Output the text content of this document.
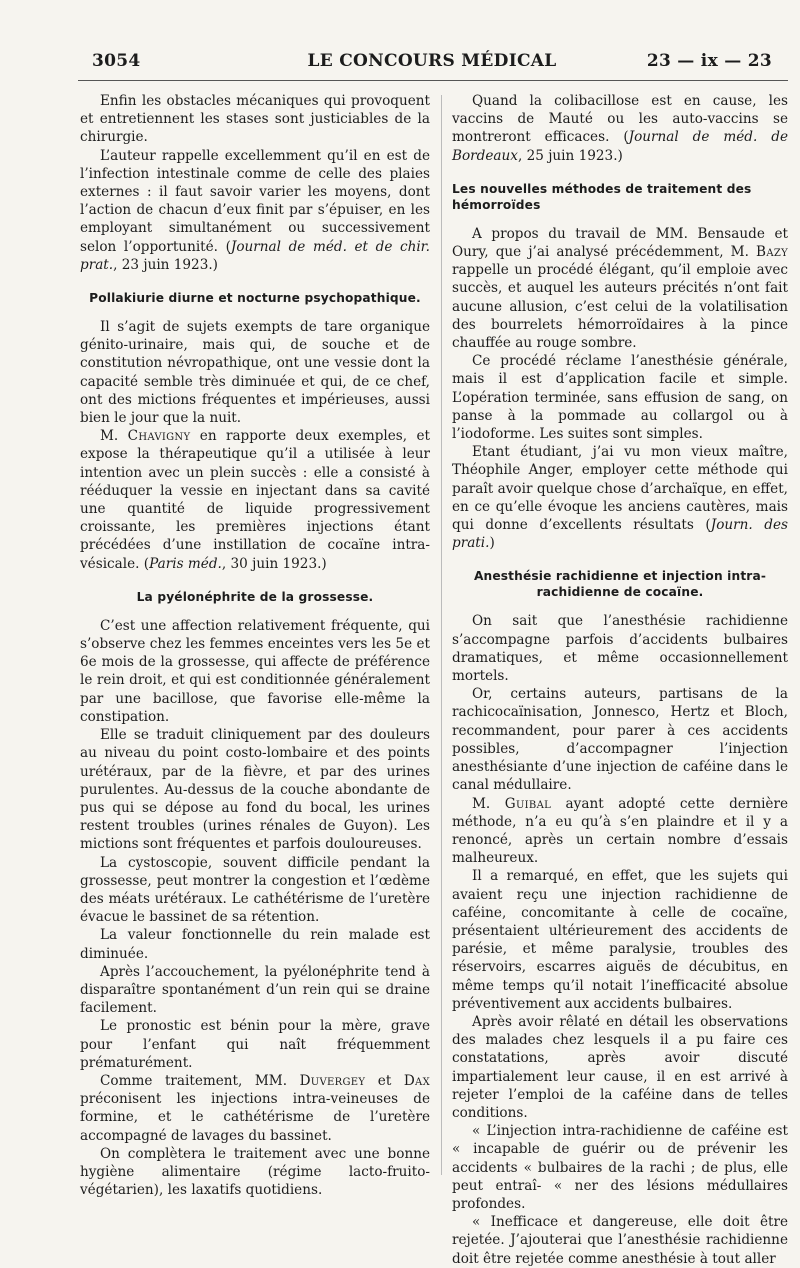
3054	LE CONCOURS MÉDICAL	23 — ix — 23

Enfin les obstacles mécaniques qui provoquent et entretiennent les stases sont justiciables de la chirurgie.

L’auteur rappelle excellemment qu’il en est de l’infection intestinale comme de celle des plaies externes : il faut savoir varier les moyens, dont l’action de chacun d’eux finit par s’épuiser, en les employant simultanément ou successivement selon l’opportunité. (Journal de méd. et de chir. prat., 23 juin 1923.)

Pollakiurie diurne et nocturne psychopathique.

Il s’agit de sujets exempts de tare organique génito-urinaire, mais qui, de souche et de constitution névropathique, ont une vessie dont la capacité semble très diminuée et qui, de ce chef, ont des mictions fréquentes et impérieuses, aussi bien le jour que la nuit.

M. Chavigny en rapporte deux exemples, et expose la thérapeutique qu’il a utilisée à leur intention avec un plein succès : elle a consisté à rééduquer la vessie en injectant dans sa cavité une quantité de liquide progressivement croissante, les premières injections étant précédées d’une instillation de cocaïne intra-vésicale. (Paris méd., 30 juin 1923.)

La pyélonéphrite de la grossesse.

C’est une affection relativement fréquente, qui s’observe chez les femmes enceintes vers les 5e et 6e mois de la grossesse, qui affecte de préférence le rein droit, et qui est conditionnée généralement par une bacillose, que favorise elle-même la constipation.

Elle se traduit cliniquement par des douleurs au niveau du point costo-lombaire et des points urétéraux, par de la fièvre, et par des urines purulentes. Au-dessus de la couche abondante de pus qui se dépose au fond du bocal, les urines restent troubles (urines rénales de Guyon). Les mictions sont fréquentes et parfois douloureuses.

La cystoscopie, souvent difficile pendant la grossesse, peut montrer la congestion et l’œdème des méats urétéraux. Le cathétérisme de l’uretère évacue le bassinet de sa rétention.

La valeur fonctionnelle du rein malade est diminuée.

Après l’accouchement, la pyélonéphrite tend à disparaître spontanément d’un rein qui se draine facilement.

Le pronostic est bénin pour la mère, grave pour l’enfant qui naît fréquemment prématurément.

Comme traitement, MM. Duvergey et Dax préconisent les injections intra-veineuses de formine, et le cathétérisme de l’uretère accompagné de lavages du bassinet.

On complètera le traitement avec une bonne hygiène alimentaire (régime lacto-fruito-végétarien), les laxatifs quotidiens.

Quand la colibacillose est en cause, les vaccins de Mauté ou les auto-vaccins se montreront efficaces. (Journal de méd. de Bordeaux, 25 juin 1923.)

Les nouvelles méthodes de traitement des hémorroïdes

A propos du travail de MM. Bensaude et Oury, que j’ai analysé précédemment, M. Bazy rappelle un procédé élégant, qu’il emploie avec succès, et auquel les auteurs précités n’ont fait aucune allusion, c’est celui de la volatilisation des bourrelets hémorroïdaires à la pince chauffée au rouge sombre.

Ce procédé réclame l’anesthésie générale, mais il est d’application facile et simple. L’opération terminée, sans effusion de sang, on panse à la pommade au collargol ou à l’iodoforme. Les suites sont simples.

Etant étudiant, j’ai vu mon vieux maître, Théophile Anger, employer cette méthode qui paraît avoir quelque chose d’archaïque, en effet, en ce qu’elle évoque les anciens cautères, mais qui donne d’excellents résultats (Journ. des prati.)

Anesthésie rachidienne et injection intra-rachidienne de cocaïne.

On sait que l’anesthésie rachidienne s’accompagne parfois d’accidents bulbaires dramatiques, et même occasionnellement mortels.

Or, certains auteurs, partisans de la rachicocaïnisation, Jonnesco, Hertz et Bloch, recommandent, pour parer à ces accidents possibles, d’accompagner l’injection anesthésiante d’une injection de caféine dans le canal médullaire.

M. Guibal ayant adopté cette dernière méthode, n’a eu qu’à s’en plaindre et il y a renoncé, après un certain nombre d’essais malheureux.

Il a remarqué, en effet, que les sujets qui avaient reçu une injection rachidienne de caféine, concomitante à celle de cocaïne, présentaient ultérieurement des accidents de parésie, et même paralysie, troubles des réservoirs, escarres aiguës de décubitus, en même temps qu’il notait l’inefficacité absolue préventivement aux accidents bulbaires.

Après avoir rêlaté en détail les observations des malades chez lesquels il a pu faire ces constatations, après avoir discuté impartialement leur cause, il en est arrivé à rejeter l’emploi de la caféine dans de telles conditions.

« L’injection intra-rachidienne de caféine est « incapable de guérir ou de prévenir les accidents « bulbaires de la rachi ; de plus, elle peut entraî- « ner des lésions médullaires profondes.

« Inefficace et dangereuse, elle doit être rejetée. J’ajouterai que l’anesthésie rachidienne doit être rejetée comme anesthésie à tout aller
